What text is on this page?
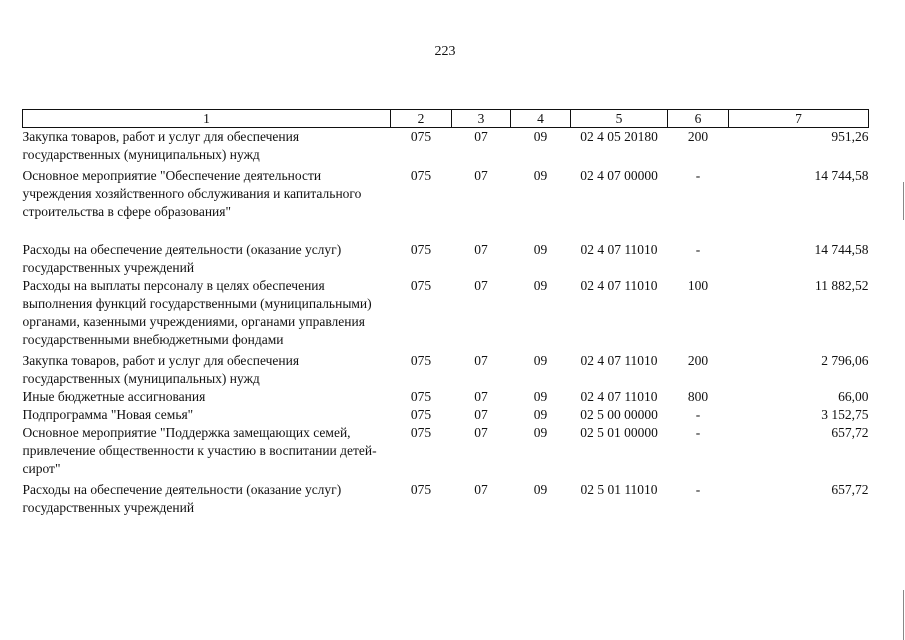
223
1	2	3	4	5	6	7
Закупка товаров, работ и услуг для обеспечения государственных (муниципальных) нужд	075	07	09	02 4 05 20180	200	951,26
Основное мероприятие "Обеспечение деятельности учреждения хозяйственного обслуживания и капитального строительства в сфере образования"	075	07	09	02 4 07 00000	-	14 744,58
Расходы на обеспечение деятельности (оказание услуг) государственных учреждений	075	07	09	02 4 07 11010	-	14 744,58
Расходы на выплаты персоналу в целях обеспечения выполнения функций государственными (муниципальными) органами, казенными учреждениями, органами управления государственными внебюджетными фондами	075	07	09	02 4 07 11010	100	11 882,52
Закупка товаров, работ и услуг для обеспечения государственных (муниципальных) нужд	075	07	09	02 4 07 11010	200	2 796,06
Иные бюджетные ассигнования	075	07	09	02 4 07 11010	800	66,00
Подпрограмма "Новая семья"	075	07	09	02 5 00 00000	-	3 152,75
Основное мероприятие "Поддержка замещающих семей, привлечение общественности к участию в воспитании детей-сирот"	075	07	09	02 5 01 00000	-	657,72
Расходы на обеспечение деятельности (оказание услуг) государственных учреждений	075	07	09	02 5 01 11010	-	657,72
